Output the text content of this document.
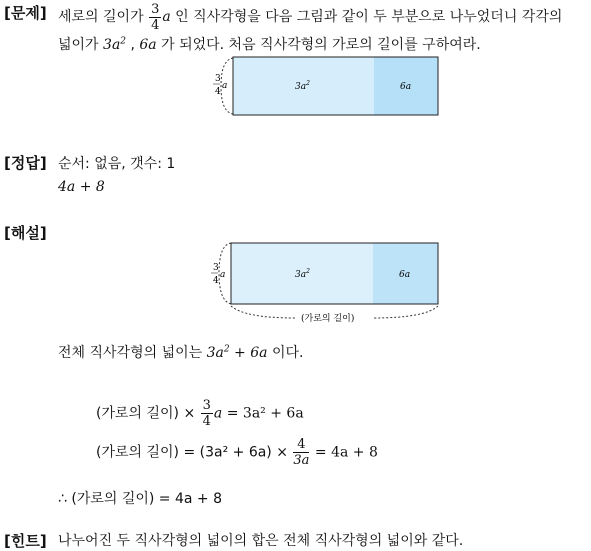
[문제] 세로의 길이가 $\frac{3}{4}$ a 인 직사각형을 다음 그림과 같이 두 부분으로 나누었더니 각각의
넓이가 $3a^2$ , 6a 가 되었다. 처음 직사각형의 가로의 길이를 구하여라.
3
4
a	$3a^2$	6a
[정답] 순서: 없음, 갯수: 1
4a + 8
[해설]
3
4
a	$3a^2$	6a
(가로의 길이)
전체 직사각형의 넓이는 $3a^2 + 6a$ 이다.
(가로의 길이) × $\frac{3}{4}$ a = 3a² + 6a
(가로의 길이) = $(3a^2 + 6a) \times \frac{4}{3a} = 4a + 8$
∴ (가로의 길이) = 4a + 8
[힌트] 나누어진 두 직사각형의 넓이의 합은 전체 직사각형의 넓이와 같다.
